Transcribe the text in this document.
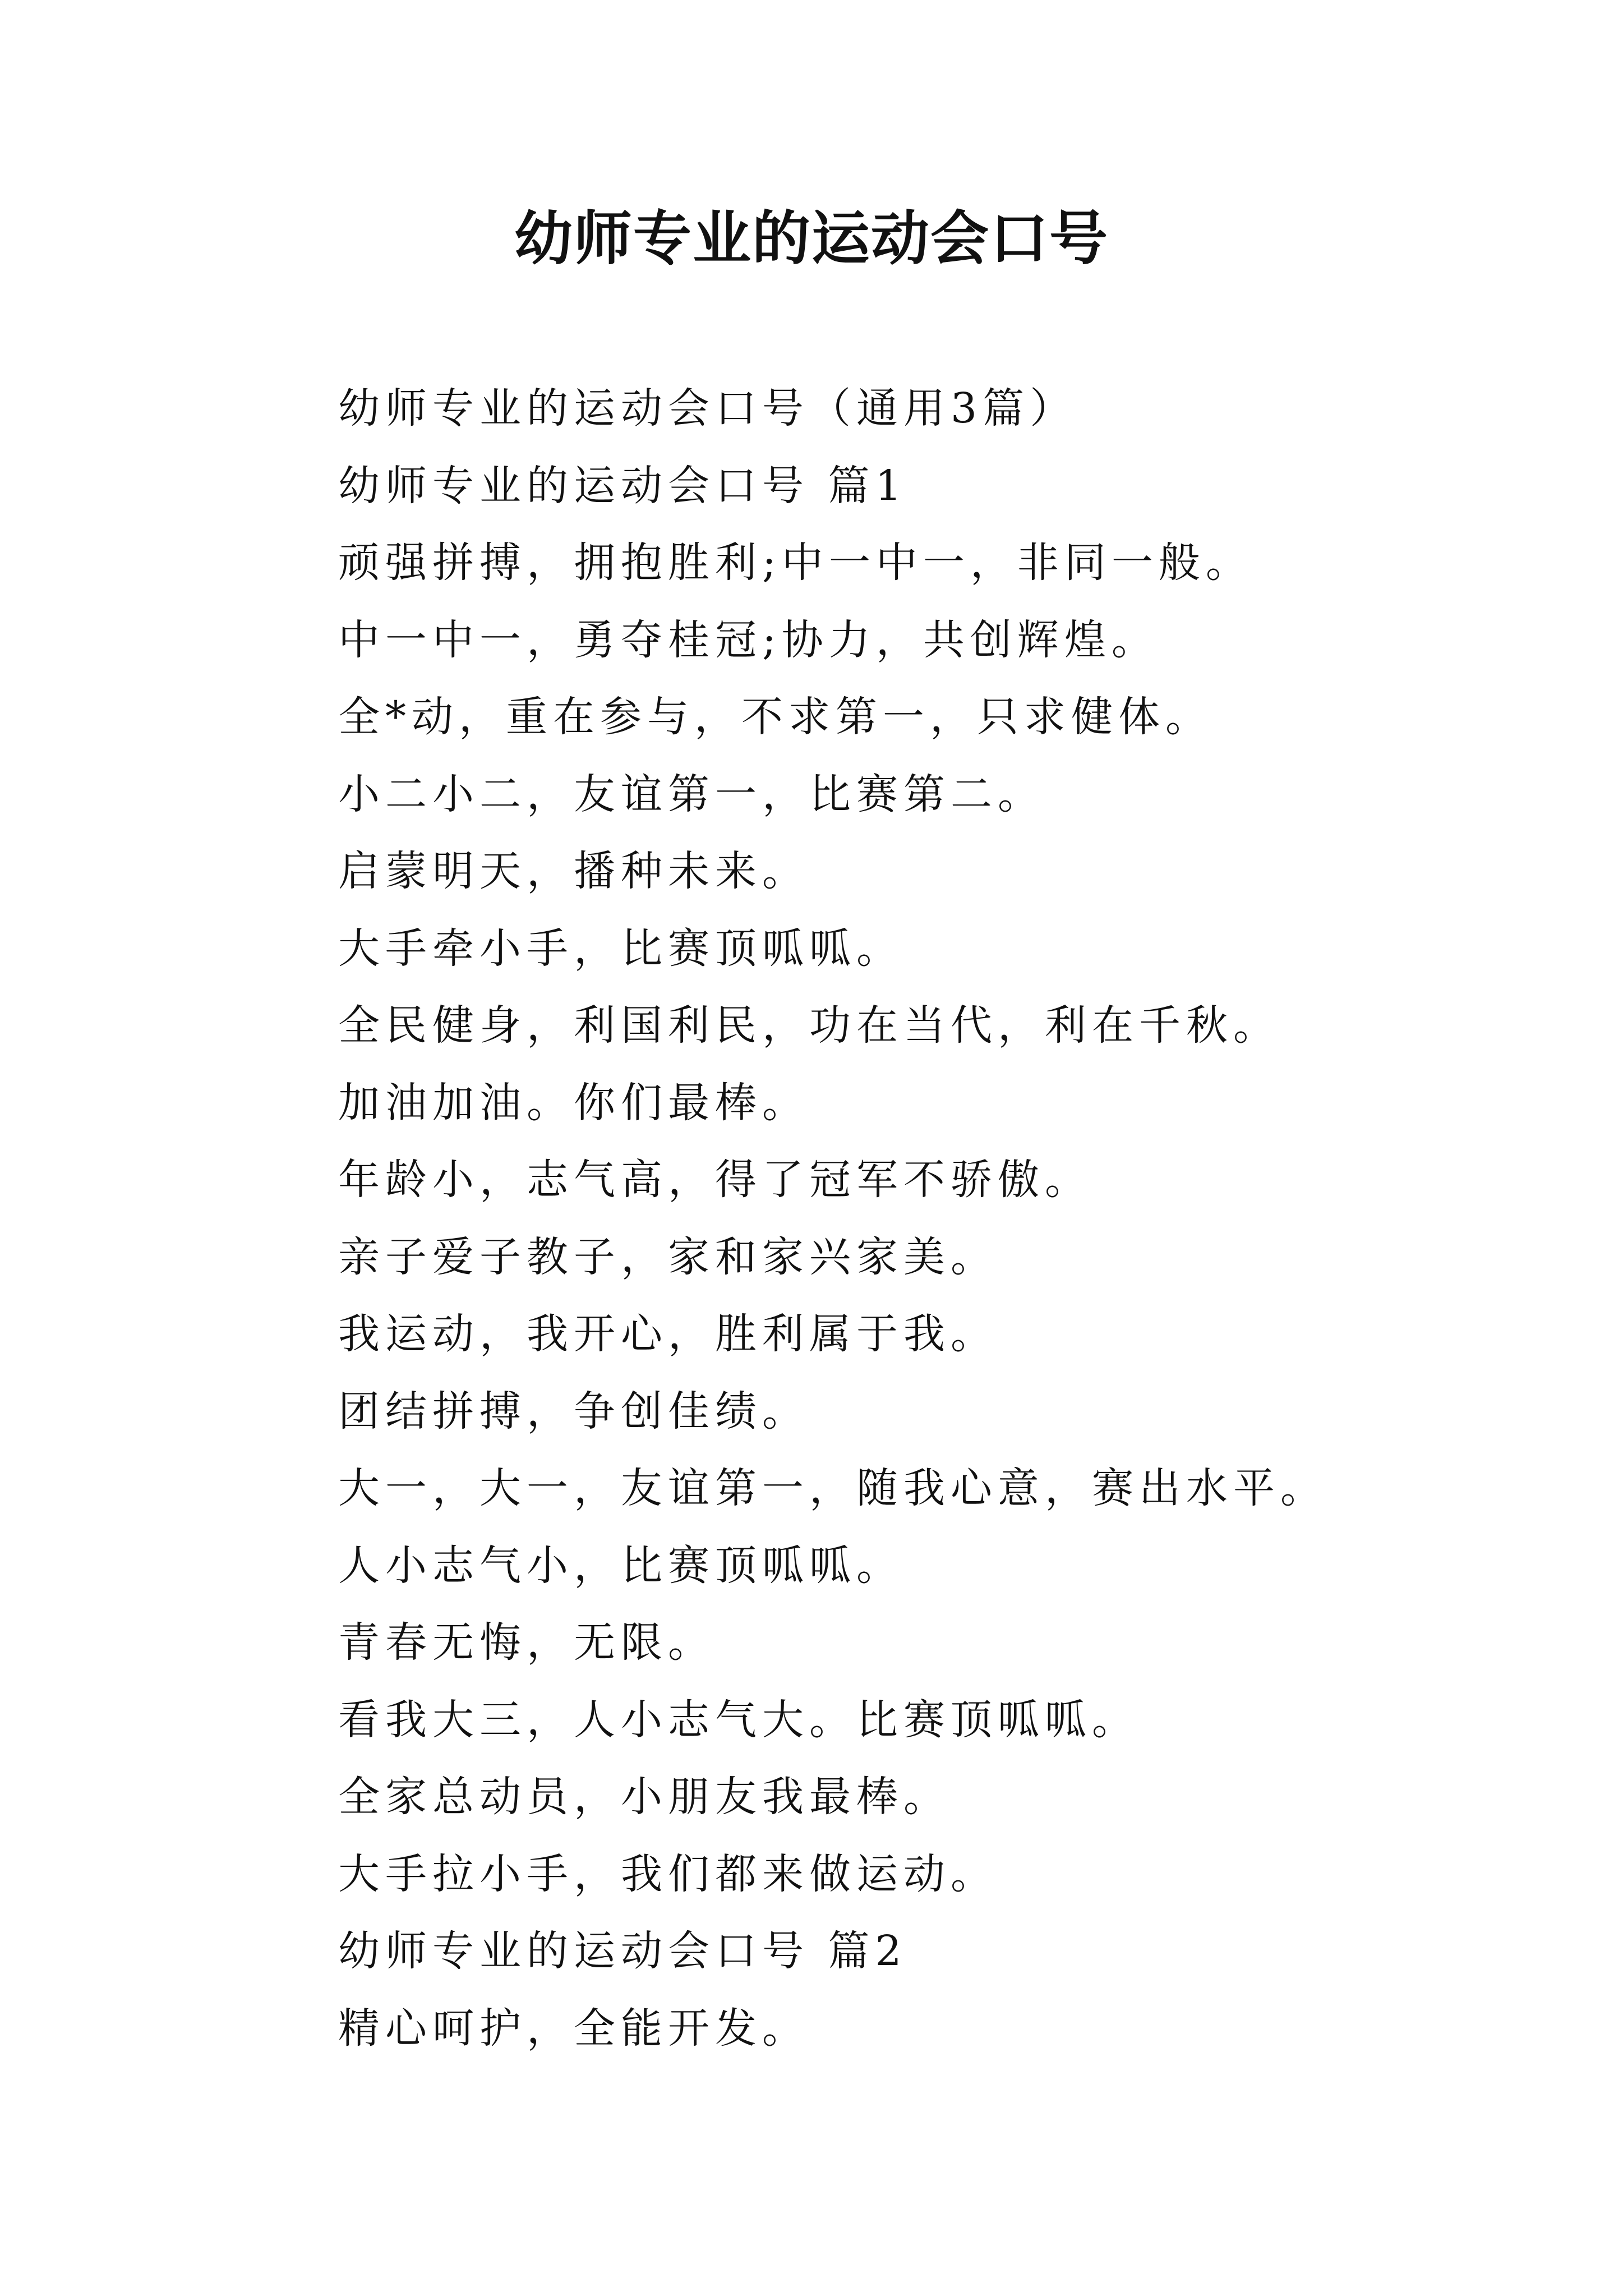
幼师专业的运动会口号
幼师专业的运动会口号（通用3篇）
幼师专业的运动会口号 篇1
顽强拼搏，拥抱胜利;中一中一，非同一般。
中一中一，勇夺桂冠;协力，共创辉煌。
全*动，重在参与，不求第一，只求健体。
小二小二，友谊第一，比赛第二。
启蒙明天，播种未来。
大手牵小手，比赛顶呱呱。
全民健身，利国利民，功在当代，利在千秋。
加油加油。你们最棒。
年龄小，志气高，得了冠军不骄傲。
亲子爱子教子，家和家兴家美。
我运动，我开心，胜利属于我。
团结拼搏，争创佳绩。
大一，大一，友谊第一，随我心意，赛出水平。
人小志气小，比赛顶呱呱。
青春无悔，无限。
看我大三，人小志气大。比赛顶呱呱。
全家总动员，小朋友我最棒。
大手拉小手，我们都来做运动。
幼师专业的运动会口号 篇2
精心呵护，全能开发。
